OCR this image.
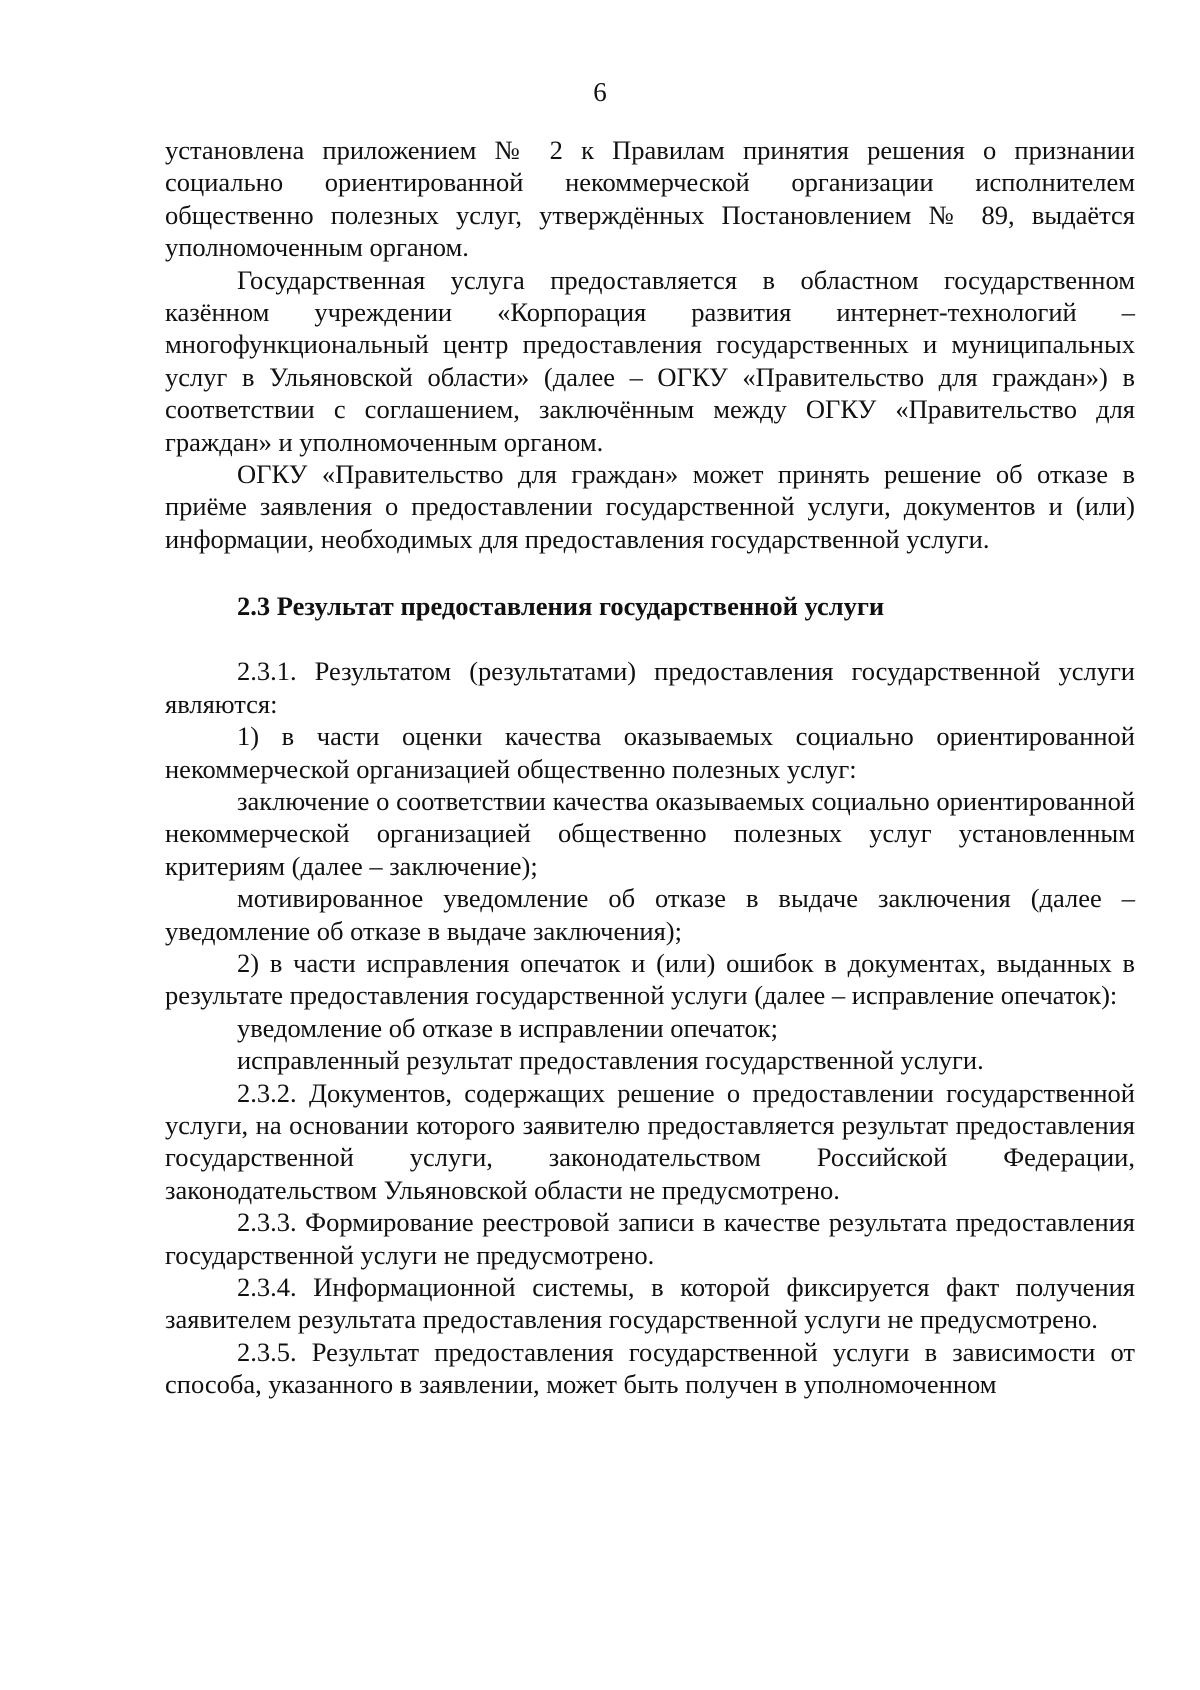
6

установлена приложением № 2 к Правилам принятия решения о признании социально ориентированной некоммерческой организации исполнителем общественно полезных услуг, утверждённых Постановлением № 89, выдаётся уполномоченным органом.

Государственная услуга предоставляется в областном государственном казённом учреждении «Корпорация развития интернет-технологий – многофункциональный центр предоставления государственных и муниципальных услуг в Ульяновской области» (далее – ОГКУ «Правительство для граждан») в соответствии с соглашением, заключённым между ОГКУ «Правительство для граждан» и уполномоченным органом.

ОГКУ «Правительство для граждан» может принять решение об отказе в приёме заявления о предоставлении государственной услуги, документов и (или) информации, необходимых для предоставления государственной услуги.

2.3 Результат предоставления государственной услуги

2.3.1. Результатом (результатами) предоставления государственной услуги являются:

1) в части оценки качества оказываемых социально ориентированной некоммерческой организацией общественно полезных услуг:

заключение о соответствии качества оказываемых социально ориентированной некоммерческой организацией общественно полезных услуг установленным критериям (далее – заключение);

мотивированное уведомление об отказе в выдаче заключения (далее – уведомление об отказе в выдаче заключения);

2) в части исправления опечаток и (или) ошибок в документах, выданных в результате предоставления государственной услуги (далее – исправление опечаток):

уведомление об отказе в исправлении опечаток;

исправленный результат предоставления государственной услуги.

2.3.2. Документов, содержащих решение о предоставлении государственной услуги, на основании которого заявителю предоставляется результат предоставления государственной услуги, законодательством Российской Федерации, законодательством Ульяновской области не предусмотрено.

2.3.3. Формирование реестровой записи в качестве результата предоставления государственной услуги не предусмотрено.

2.3.4. Информационной системы, в которой фиксируется факт получения заявителем результата предоставления государственной услуги не предусмотрено.

2.3.5. Результат предоставления государственной услуги в зависимости от способа, указанного в заявлении, может быть получен в уполномоченном
